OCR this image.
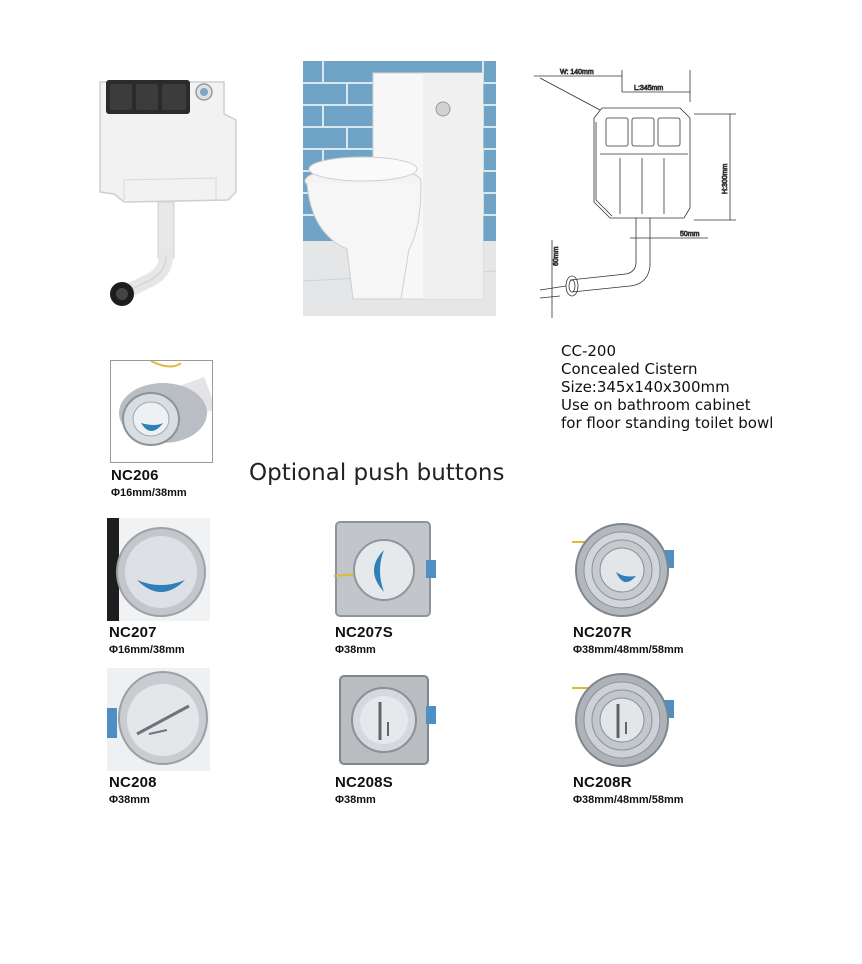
W: 140mm
L:345mm
H:300mm
50mm
60mm
CC-200
Concealed Cistern
Size:345x140x300mm
Use on bathroom cabinet
for floor standing toilet bowl
NC206
Φ16mm/38mm
Optional push buttons
NC207
Φ16mm/38mm
NC207S
Φ38mm
NC207R
Φ38mm/48mm/58mm
NC208
Φ38mm
NC208S
Φ38mm
NC208R
Φ38mm/48mm/58mm
